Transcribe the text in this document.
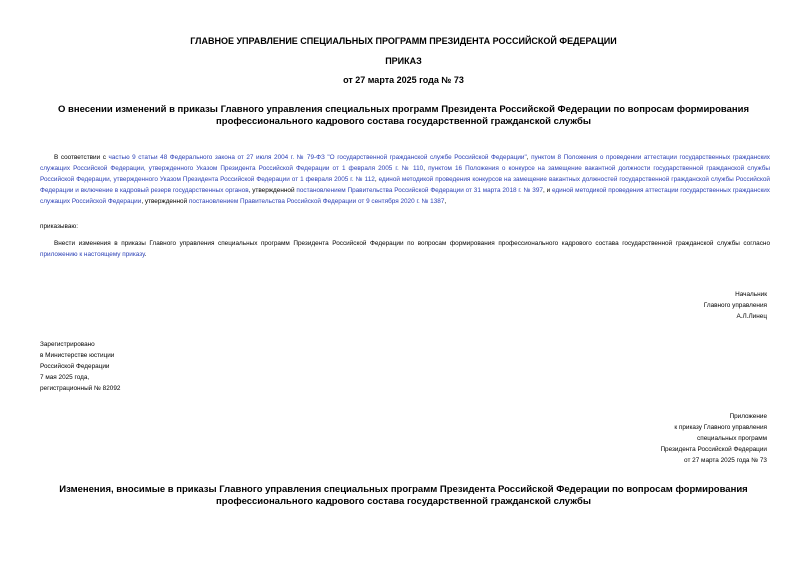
ГЛАВНОЕ УПРАВЛЕНИЕ СПЕЦИАЛЬНЫХ ПРОГРАММ ПРЕЗИДЕНТА РОССИЙСКОЙ ФЕДЕРАЦИИ
ПРИКАЗ
от 27 марта 2025 года № 73
О внесении изменений в приказы Главного управления специальных программ Президента Российской Федерации по вопросам формирования
профессионального кадрового состава государственной гражданской службы
В соответствии с частью 9 статьи 48 Федерального закона от 27 июля 2004 г. № 79-ФЗ "О государственной гражданской службе Российской Федерации", пунктом 8 Положения о проведении аттестации государственных гражданских служащих Российской Федерации, утвержденного Указом Президента Российской Федерации от 1 февраля 2005 г. № 110, пунктом 16 Положения о конкурсе на замещение вакантной должности государственной гражданской службы Российской Федерации, утвержденного Указом Президента Российской Федерации от 1 февраля 2005 г. № 112, единой методикой проведения конкурсов на замещение вакантных должностей государственной гражданской службы Российской Федерации и включение в кадровый резерв государственных органов, утвержденной постановлением Правительства Российской Федерации от 31 марта 2018 г. № 397, и единой методикой проведения аттестации государственных гражданских служащих Российской Федерации, утвержденной постановлением Правительства Российской Федерации от 9 сентября 2020 г. № 1387,
приказываю:
Внести изменения в приказы Главного управления специальных программ Президента Российской Федерации по вопросам формирования профессионального кадрового состава государственной гражданской службы согласно приложению к настоящему приказу.
Начальник
Главного управления
А.Л.Линец
Зарегистрировано
в Министерстве юстиции
Российской Федерации
7 мая 2025 года,
регистрационный № 82092
Приложение
к приказу Главного управления
специальных программ
Президента Российской Федерации
от 27 марта 2025 года № 73
Изменения, вносимые в приказы Главного управления специальных программ Президента Российской Федерации по вопросам формирования
профессионального кадрового состава государственной гражданской службы
